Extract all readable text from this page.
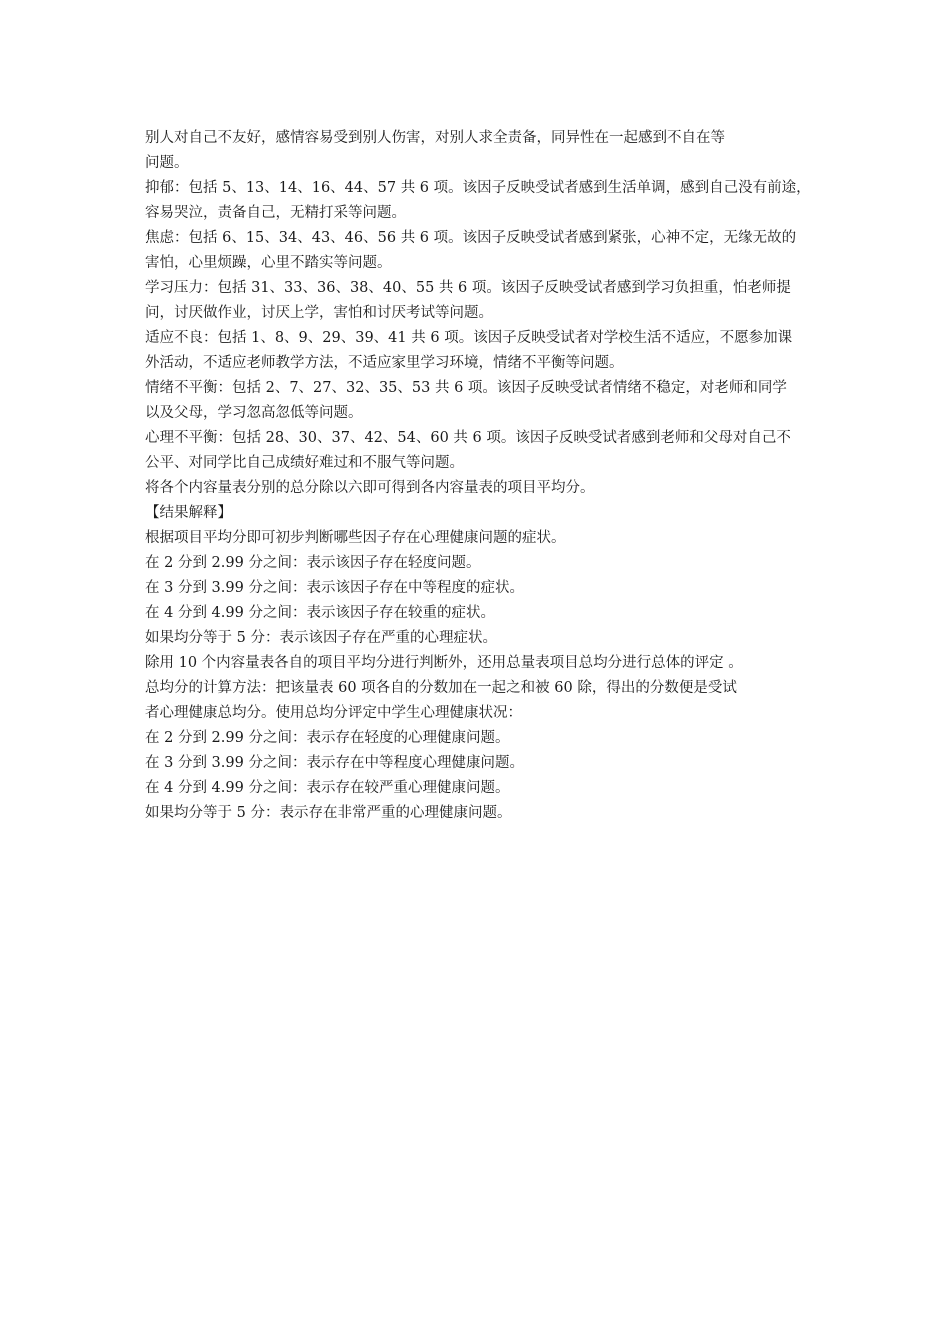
别人对自己不友好，感情容易受到别人伤害，对别人求全责备，同异性在一起感到不自在等
问题。
抑郁：包括 5、13、14、16、44、57 共 6 项。该因子反映受试者感到生活单调，感到自己没有前途，
容易哭泣，责备自己，无精打采等问题。
焦虑：包括 6、15、34、43、46、56 共 6 项。该因子反映受试者感到紧张，心神不定，无缘无故的
害怕，心里烦躁，心里不踏实等问题。
学习压力：包括 31、33、36、38、40、55 共 6 项。该因子反映受试者感到学习负担重，怕老师提
问，讨厌做作业，讨厌上学，害怕和讨厌考试等问题。
适应不良：包括 1、8、9、29、39、41 共 6 项。该因子反映受试者对学校生活不适应，不愿参加课
外活动，不适应老师教学方法，不适应家里学习环境，情绪不平衡等问题。
情绪不平衡：包括 2、7、27、32、35、53 共 6 项。该因子反映受试者情绪不稳定，对老师和同学
以及父母，学习忽高忽低等问题。
心理不平衡：包括 28、30、37、42、54、60 共 6 项。该因子反映受试者感到老师和父母对自己不
公平、对同学比自己成绩好难过和不服气等问题。
将各个内容量表分别的总分除以六即可得到各内容量表的项目平均分。
【结果解释】
根据项目平均分即可初步判断哪些因子存在心理健康问题的症状。
在 2 分到 2.99 分之间：表示该因子存在轻度问题。
在 3 分到 3.99 分之间：表示该因子存在中等程度的症状。
在 4 分到 4.99 分之间：表示该因子存在较重的症状。
如果均分等于 5 分：表示该因子存在严重的心理症状。
除用 10 个内容量表各自的项目平均分进行判断外，还用总量表项目总均分进行总体的评定 。
总均分的计算方法：把该量表 60 项各自的分数加在一起之和被 60 除，得出的分数便是受试
者心理健康总均分。使用总均分评定中学生心理健康状况：
在 2 分到 2.99 分之间：表示存在轻度的心理健康问题。
在 3 分到 3.99 分之间：表示存在中等程度心理健康问题。
在 4 分到 4.99 分之间：表示存在较严重心理健康问题。
如果均分等于 5 分：表示存在非常严重的心理健康问题。
